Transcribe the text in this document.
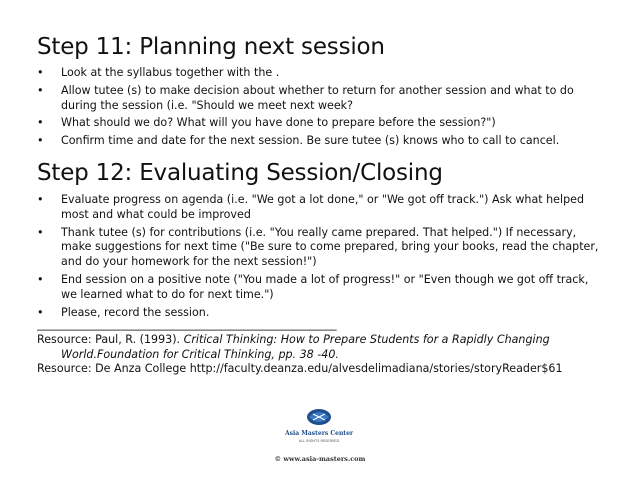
Step 11: Planning next session
• Look at the syllabus together with the .
• Allow tutee (s) to make decision about whether to return for another session and what to do during the session (i.e. "Should we meet next week?
• What should we do? What will you have done to prepare before the session?")
• Confirm time and date for the next session. Be sure tutee (s) knows who to call to cancel.
Step 12: Evaluating Session/Closing
• Evaluate progress on agenda (i.e. "We got a lot done," or "We got off track.") Ask what helped most and what could be improved
• Thank tutee (s) for contributions (i.e. "You really came prepared. That helped.") If necessary, make suggestions for next time ("Be sure to come prepared, bring your books, read the chapter, and do your homework for the next session!")
• End session on a positive note ("You made a lot of progress!" or "Even though we got off track, we learned what to do for next time.")
• Please, record the session.
______________________________________________________

Resource: Paul, R. (1993). Critical Thinking: How to Prepare Students for a Rapidly Changing

World.Foundation for Critical Thinking, pp. 38 -40.

Resource: De Anza College http://faculty.deanza.edu/alvesdelimadiana/stories/storyReader$61

Asia Masters Center
ALL RIGHTS RESERVED
© www.asia-masters.com
